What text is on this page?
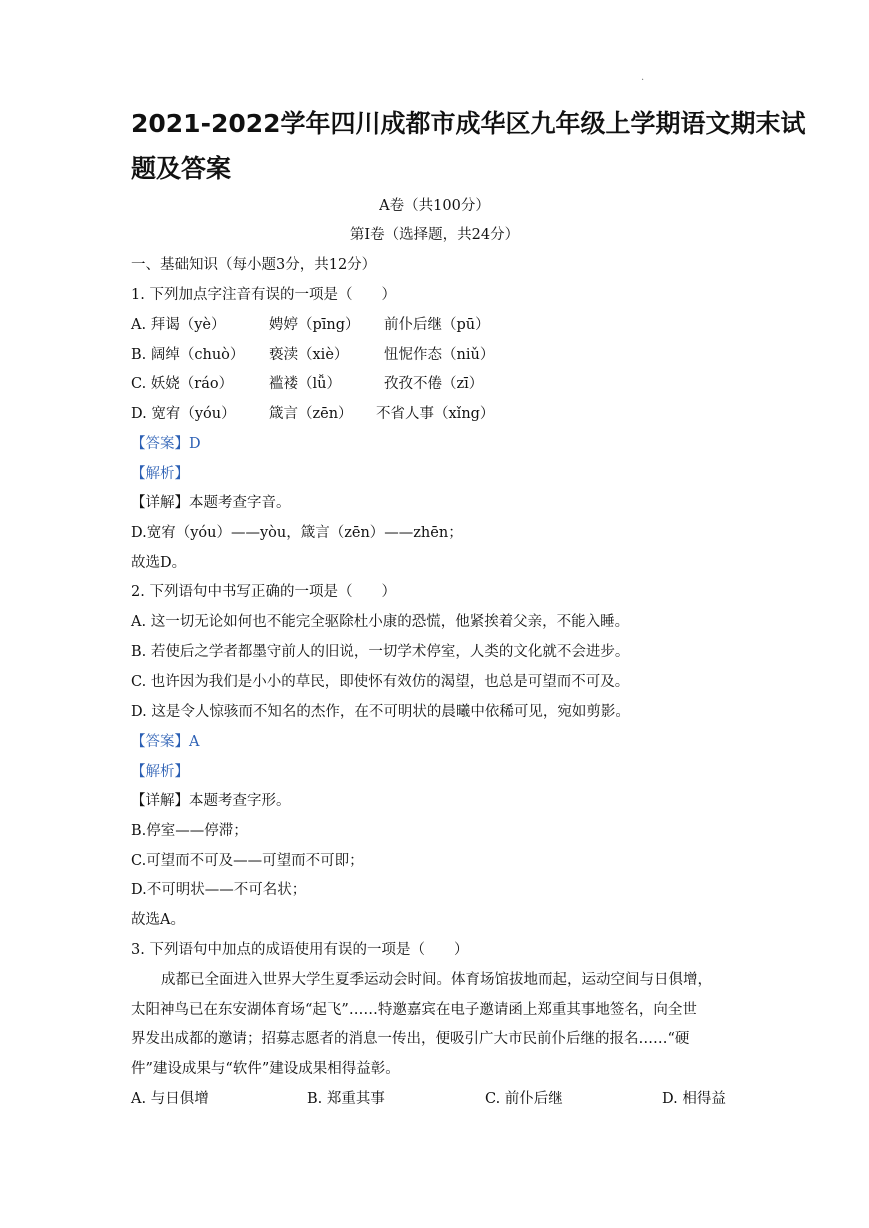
.
2021-2022学年四川成都市成华区九年级上学期语文期末试
题及答案
A卷（共100分）
第Ⅰ卷（选择题，共24分）
一、基础知识（每小题3分，共12分）
1. 下列加点字注音有误的一项是（　　）
A. 拜谒（yè）	娉婷（pīng） 前仆后继（pū）
B. 阔绰（chuò） 亵渎（xiè） 忸怩作态（niǔ）
C. 妖娆（ráo） 褴褛（lǚ）	孜孜不倦（zī）
D. 宽宥（yóu） 箴言（zēn） 不省人事（xǐng）
【答案】D
【解析】
【详解】本题考查字音。
D.宽宥（yóu）——yòu，箴言（zēn）——zhēn；
故选D。
2. 下列语句中书写正确的一项是（　　）
A. 这一切无论如何也不能完全驱除杜小康的恐慌，他紧挨着父亲，不能入睡。
B. 若使后之学者都墨守前人的旧说，一切学术停室，人类的文化就不会进步。
C. 也许因为我们是小小的草民，即使怀有效仿的渴望，也总是可望而不可及。
D. 这是令人惊骇而不知名的杰作，在不可明状的晨曦中依稀可见，宛如剪影。
【答案】A
【解析】
【详解】本题考查字形。
B.停室——停滞；
C.可望而不可及——可望而不可即；
D.不可明状——不可名状；
故选A。
3. 下列语句中加点的成语使用有误的一项是（　　）
成都已全面进入世界大学生夏季运动会时间。体育场馆拔地而起，运动空间与日俱增，
太阳神鸟已在东安湖体育场“起飞”……特邀嘉宾在电子邀请函上郑重其事地签名，向全世
界发出成都的邀请；招募志愿者的消息一传出，便吸引广大市民前仆后继的报名……“硬
件”建设成果与“软件”建设成果相得益彰。
A. 与日俱增	B. 郑重其事	C. 前仆后继	D. 相得益
